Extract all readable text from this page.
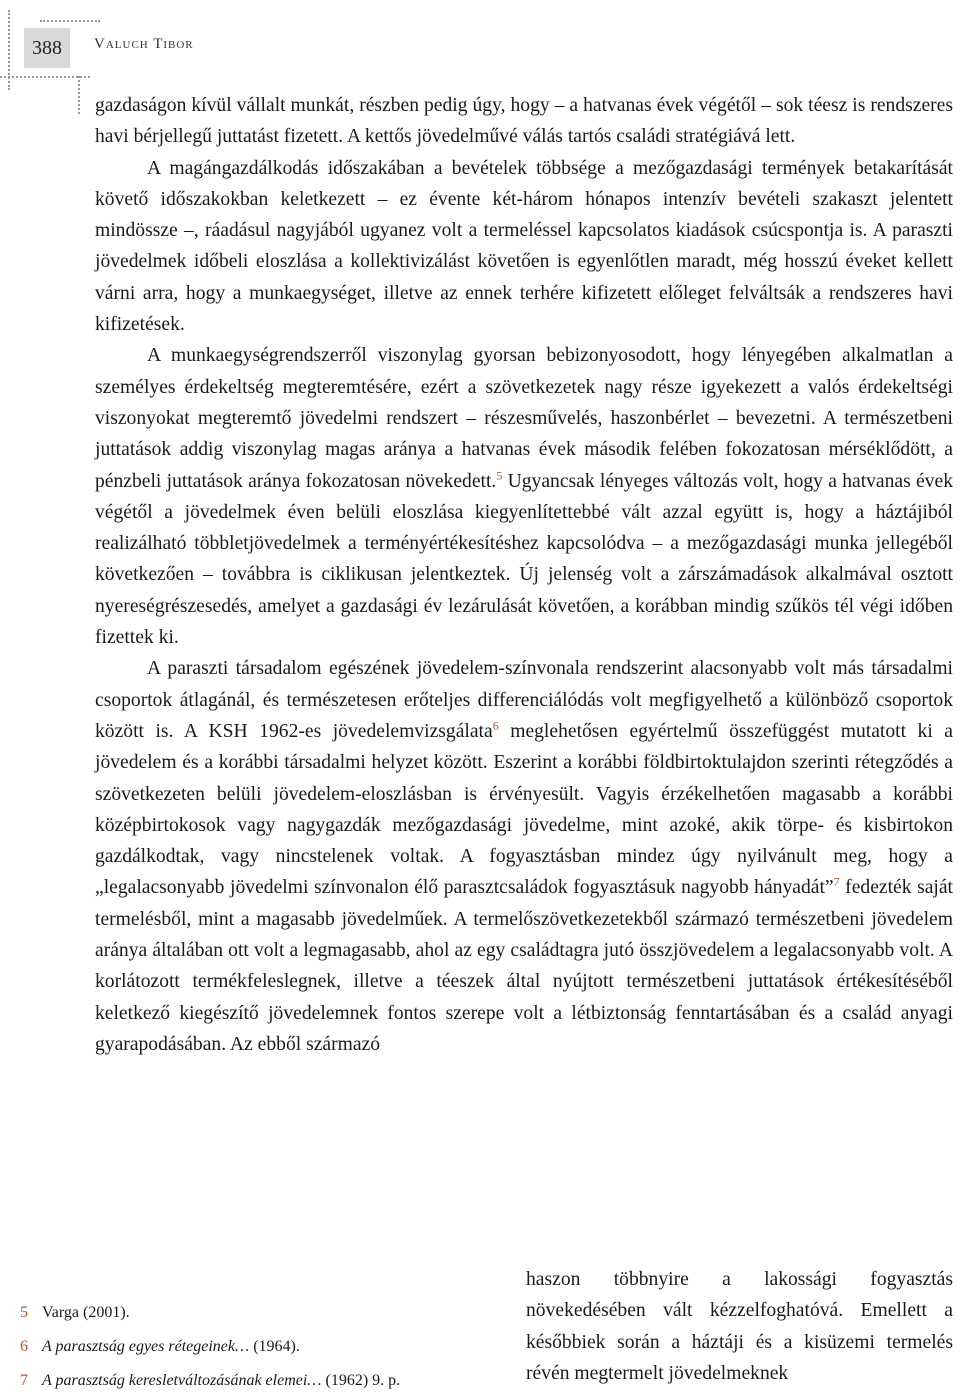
388	Valuch Tibor

gazdaságon kívül vállalt munkát, részben pedig úgy, hogy – a hatvanas évek végétől – sok téesz is rendszeres havi bérjellegű juttatást fizetett. A kettős jövedelművé válás tartós családi stratégiává lett.

A magángazdálkodás időszakában a bevételek többsége a mezőgazdasági termények betakarítását követő időszakokban keletkezett – ez évente két-három hónapos intenzív bevételi szakaszt jelentett mindössze –, ráadásul nagyjából ugyanez volt a termeléssel kapcsolatos kiadások csúcspontja is. A paraszti jövedelmek időbeli eloszlása a kollektivizálást követően is egyenlőtlen maradt, még hosszú éveket kellett várni arra, hogy a munkaegységet, illetve az ennek terhére kifizetett előleget felváltsák a rendszeres havi kifizetések.

A munkaegységrendszerről viszonylag gyorsan bebizonyosodott, hogy lényegében alkalmatlan a személyes érdekeltség megteremtésére, ezért a szövetkezetek nagy része igyekezett a valós érdekeltségi viszonyokat megteremtő jövedelmi rendszert – részesművelés, haszonbérlet – bevezetni. A természetbeni juttatások addig viszonylag magas aránya a hatvanas évek második felében fokozatosan mérséklődött, a pénzbeli juttatások aránya fokozatosan növekedett.$^5$ Ugyancsak lényeges változás volt, hogy a hatvanas évek végétől a jövedelmek éven belüli eloszlása kiegyenlítettebbé vált azzal együtt is, hogy a háztájiból realizálható többletjövedelmek a terményértékesítéshez kapcsolódva – a mezőgazdasági munka jellegéből következően – továbbra is ciklikusan jelentkeztek. Új jelenség volt a zárszámadások alkalmával osztott nyereségrészesedés, amelyet a gazdasági év lezárulását követően, a korábban mindig szűkös tél végi időben fizettek ki.

A paraszti társadalom egészének jövedelem-színvonala rendszerint alacsonyabb volt más társadalmi csoportok átlagánál, és természetesen erőteljes differenciálódás volt megfigyelhető a különböző csoportok között is. A KSH 1962-es jövedelemvizsgálata$^6$ meglehetősen egyértelmű összefüggést mutatott ki a jövedelem és a korábbi társadalmi helyzet között. Eszerint a korábbi földbirtoktulajdon szerinti rétegződés a szövetkezeten belüli jövedelem-eloszlásban is érvényesült. Vagyis érzékelhetően magasabb a korábbi középbirtokosok vagy nagygazdák mezőgazdasági jövedelme, mint azoké, akik törpe- és kisbirtokon gazdálkodtak, vagy nincstelenek voltak. A fogyasztásban mindez úgy nyilvánult meg, hogy a „legalacsonyabb jövedelmi színvonalon élő parasztcsaládok fogyasztásuk nagyobb hányadát”$^7$ fedezték saját termelésből, mint a magasabb jövedelműek. A termelőszövetkezetekből származó természetbeni jövedelem aránya általában ott volt a legmagasabb, ahol az egy családtagra jutó összjövedelem a legalacsonyabb volt. A korlátozott termékfeleslegnek, illetve a téeszek által nyújtott természetbeni juttatások értékesítéséből keletkező kiegészítő jövedelemnek fontos szerepe volt a létbiztonság fenntartásában és a család anyagi gyarapodásában. Az ebből származó

haszon többnyire a lakossági fogyasztás növekedésében vált kézzelfoghatóvá. Emellett a későbbiek során a háztáji és a kisüzemi termelés révén megtermelt jövedelmeknek
5 Varga (2001).
6 A parasztság egyes rétegeinek… (1964).
7 A parasztság keresletváltozásának elemei… (1962) 9. p.
